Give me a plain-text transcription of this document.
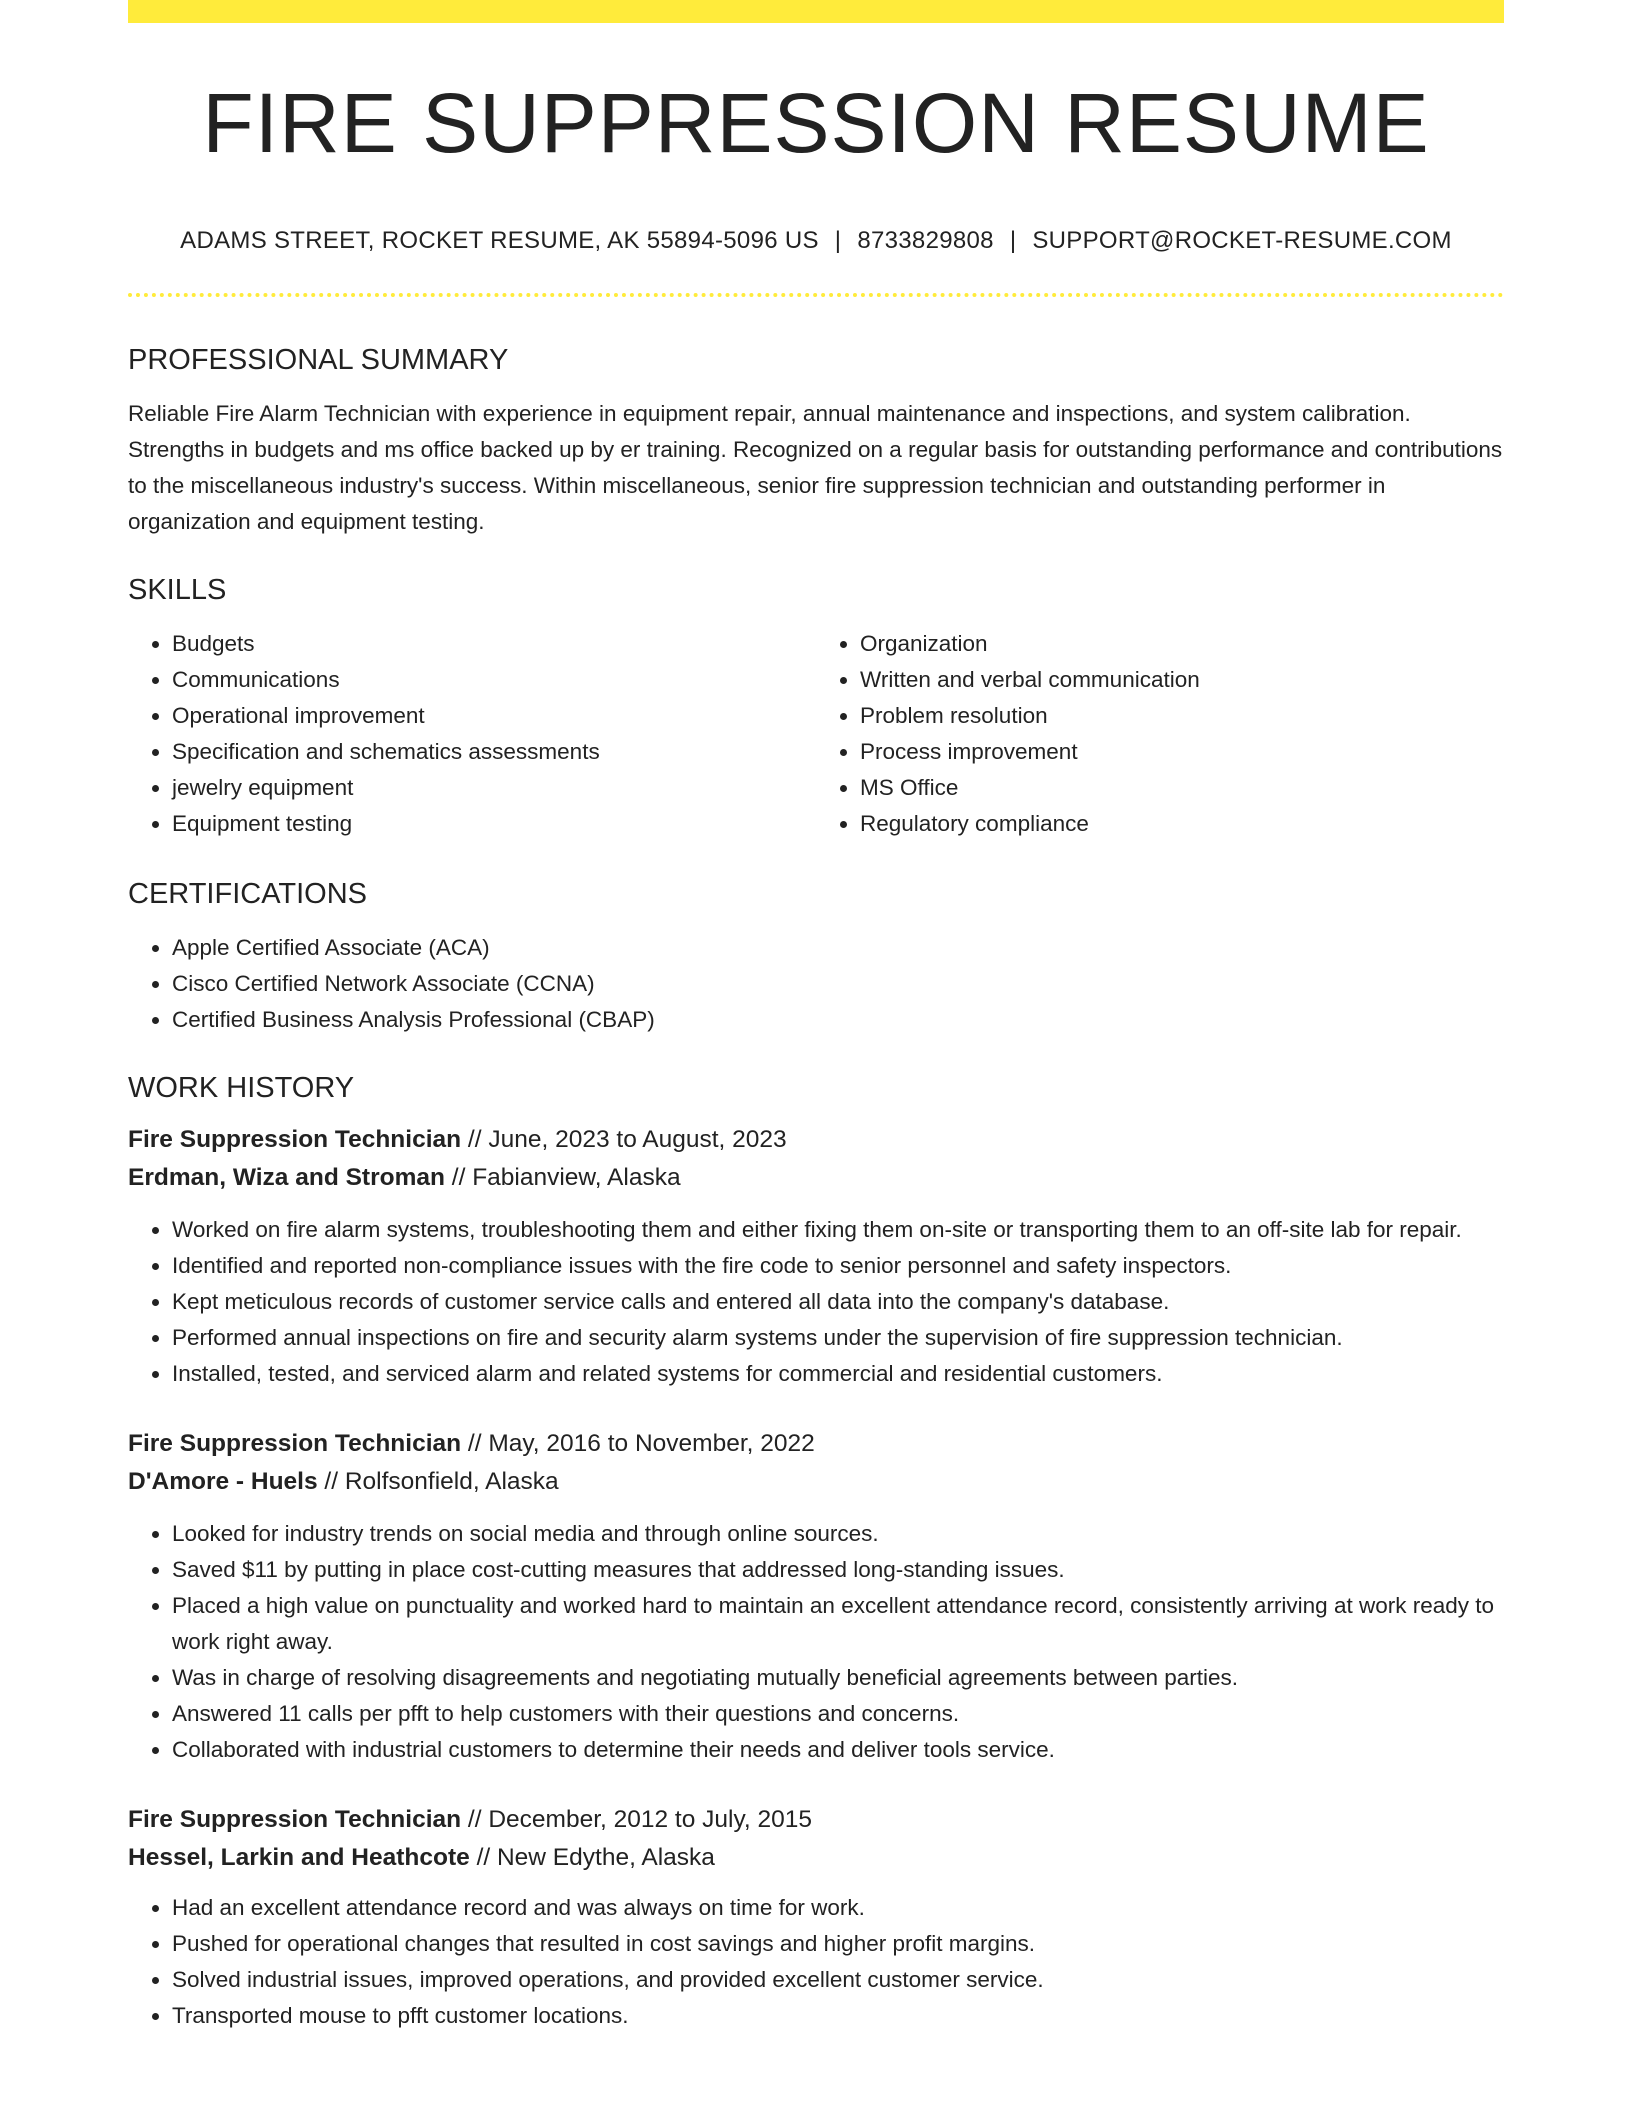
FIRE SUPPRESSION RESUME
ADAMS STREET, ROCKET RESUME, AK 55894-5096 US | 8733829808 | SUPPORT@ROCKET-RESUME.COM
PROFESSIONAL SUMMARY

Reliable Fire Alarm Technician with experience in equipment repair, annual maintenance and inspections, and system calibration. Strengths in budgets and ms office backed up by er training. Recognized on a regular basis for outstanding performance and contributions to the miscellaneous industry's success. Within miscellaneous, senior fire suppression technician and outstanding performer in organization and equipment testing.

SKILLS
• Budgets
• Communications
• Operational improvement
• Specification and schematics assessments
• jewelry equipment
• Equipment testing
• Organization
• Written and verbal communication
• Problem resolution
• Process improvement
• MS Office
• Regulatory compliance
CERTIFICATIONS
• Apple Certified Associate (ACA)
• Cisco Certified Network Associate (CCNA)
• Certified Business Analysis Professional (CBAP)
WORK HISTORY
Fire Suppression Technician // June, 2023 to August, 2023
Erdman, Wiza and Stroman // Fabianview, Alaska
• Worked on fire alarm systems, troubleshooting them and either fixing them on-site or transporting them to an off-site lab for repair.
• Identified and reported non-compliance issues with the fire code to senior personnel and safety inspectors.
• Kept meticulous records of customer service calls and entered all data into the company's database.
• Performed annual inspections on fire and security alarm systems under the supervision of fire suppression technician.
• Installed, tested, and serviced alarm and related systems for commercial and residential customers.
Fire Suppression Technician // May, 2016 to November, 2022
D'Amore - Huels // Rolfsonfield, Alaska
• Looked for industry trends on social media and through online sources.
• Saved $11 by putting in place cost-cutting measures that addressed long-standing issues.
• Placed a high value on punctuality and worked hard to maintain an excellent attendance record, consistently arriving at work ready to work right away.
• Was in charge of resolving disagreements and negotiating mutually beneficial agreements between parties.
• Answered 11 calls per pfft to help customers with their questions and concerns.
• Collaborated with industrial customers to determine their needs and deliver tools service.
Fire Suppression Technician // December, 2012 to July, 2015
Hessel, Larkin and Heathcote // New Edythe, Alaska
• Had an excellent attendance record and was always on time for work.
• Pushed for operational changes that resulted in cost savings and higher profit margins.
• Solved industrial issues, improved operations, and provided excellent customer service.
• Transported mouse to pfft customer locations.
